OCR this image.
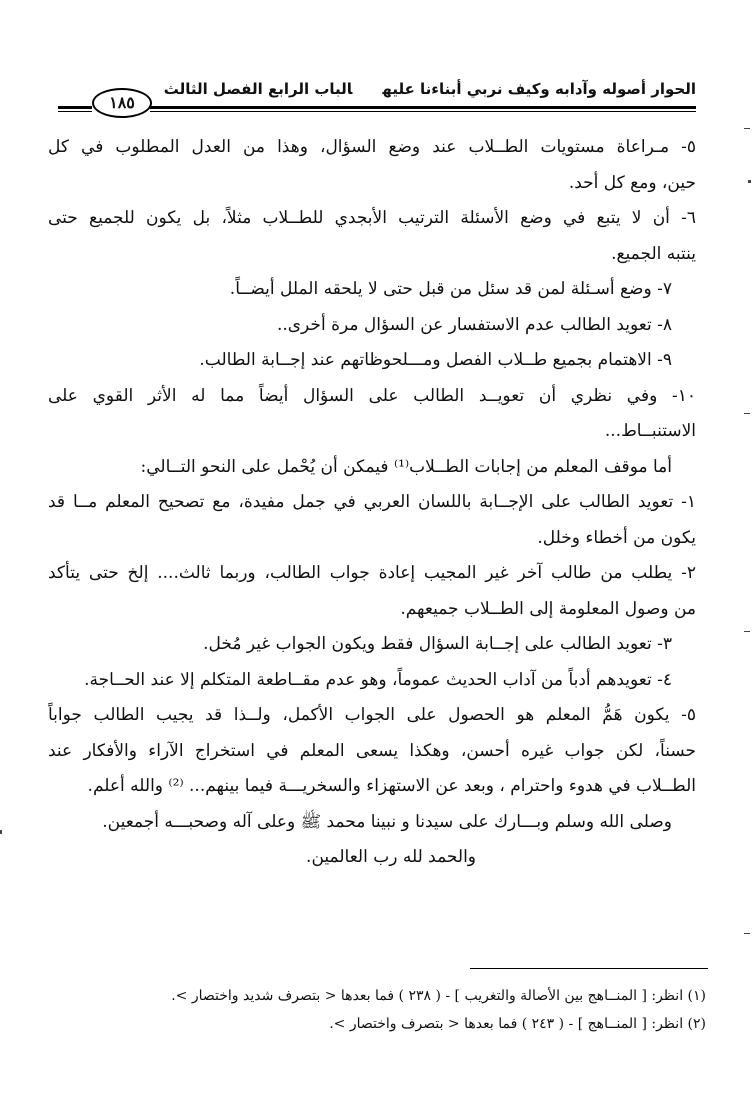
الحوار أصوله وآدابه وكيف نربي أبناءنا عليهالباب الرابع الفصل الثالث
١٨٥
٥- مـراعاة مستويات الطــلاب عند وضع السؤال، وهذا من العدل المطلوب في كل
حين، ومع كل أحد.
٦- أن لا يتبع في وضع الأسئلة الترتيب الأبجدي للطــلاب مثلاً، بل يكون للجميع حتى
ينتبه الجميع.
٧- وضع أسـئلة لمن قد سئل من قبل حتى لا يلحقه الملل أيضــاً.
٨- تعويد الطالب عدم الاستفسار عن السؤال مرة أخرى..
٩- الاهتمام بجميع طــلاب الفصل ومـــلحوظاتهم عند إجــابة الطالب.
١٠- وفي نظري أن تعويــد الطالب على السؤال أيضاً مما له الأثر القوي على
الاستنبــاط...
أما موقف المعلم من إجابات الطــلاب⁽¹⁾ فيمكن أن يُحْمل على النحو التــالي:
١- تعويد الطالب على الإجــابة باللسان العربي في جمل مفيدة، مع تصحيح المعلم مــا قد
يكون من أخطاء وخلل.
٢- يطلب من طالب آخر غير المجيب إعادة جواب الطالب، وربما ثالث.... إلخ حتى يتأكد
من وصول المعلومة إلى الطــلاب جميعهم.
٣- تعويد الطالب على إجــابة السؤال فقط ويكون الجواب غير مُخل.
٤- تعويدهم أدباً من آداب الحديث عموماً، وهو عدم مقــاطعة المتكلم إلا عند الحــاجة.
٥- يكون هَمُّ المعلم هو الحصول على الجواب الأكمل، ولــذا قد يجيب الطالب جواباً
حسناً، لكن جواب غيره أحسن، وهكذا يسعى المعلم في استخراج الآراء والأفكار عند
الطــلاب في هدوء واحترام ، وبعد عن الاستهزاء والسخريـــة فيما بينهم... ⁽²⁾ والله أعلم.
وصلى الله وسلم وبـــارك على سيدنا و نبينا محمد ﷺ وعلى آله وصحبـــه أجمعين.
والحمد لله رب العالمين.
(١) انظر: [ المنــاهج بين الأصالة والتغريب ] - ( ٢٣٨ ) فما بعدها < بتصرف شديد واختصار >.
(٢) انظر: [ المنــاهج ] - ( ٢٤٣ ) فما بعدها < بتصرف واختصار >.
